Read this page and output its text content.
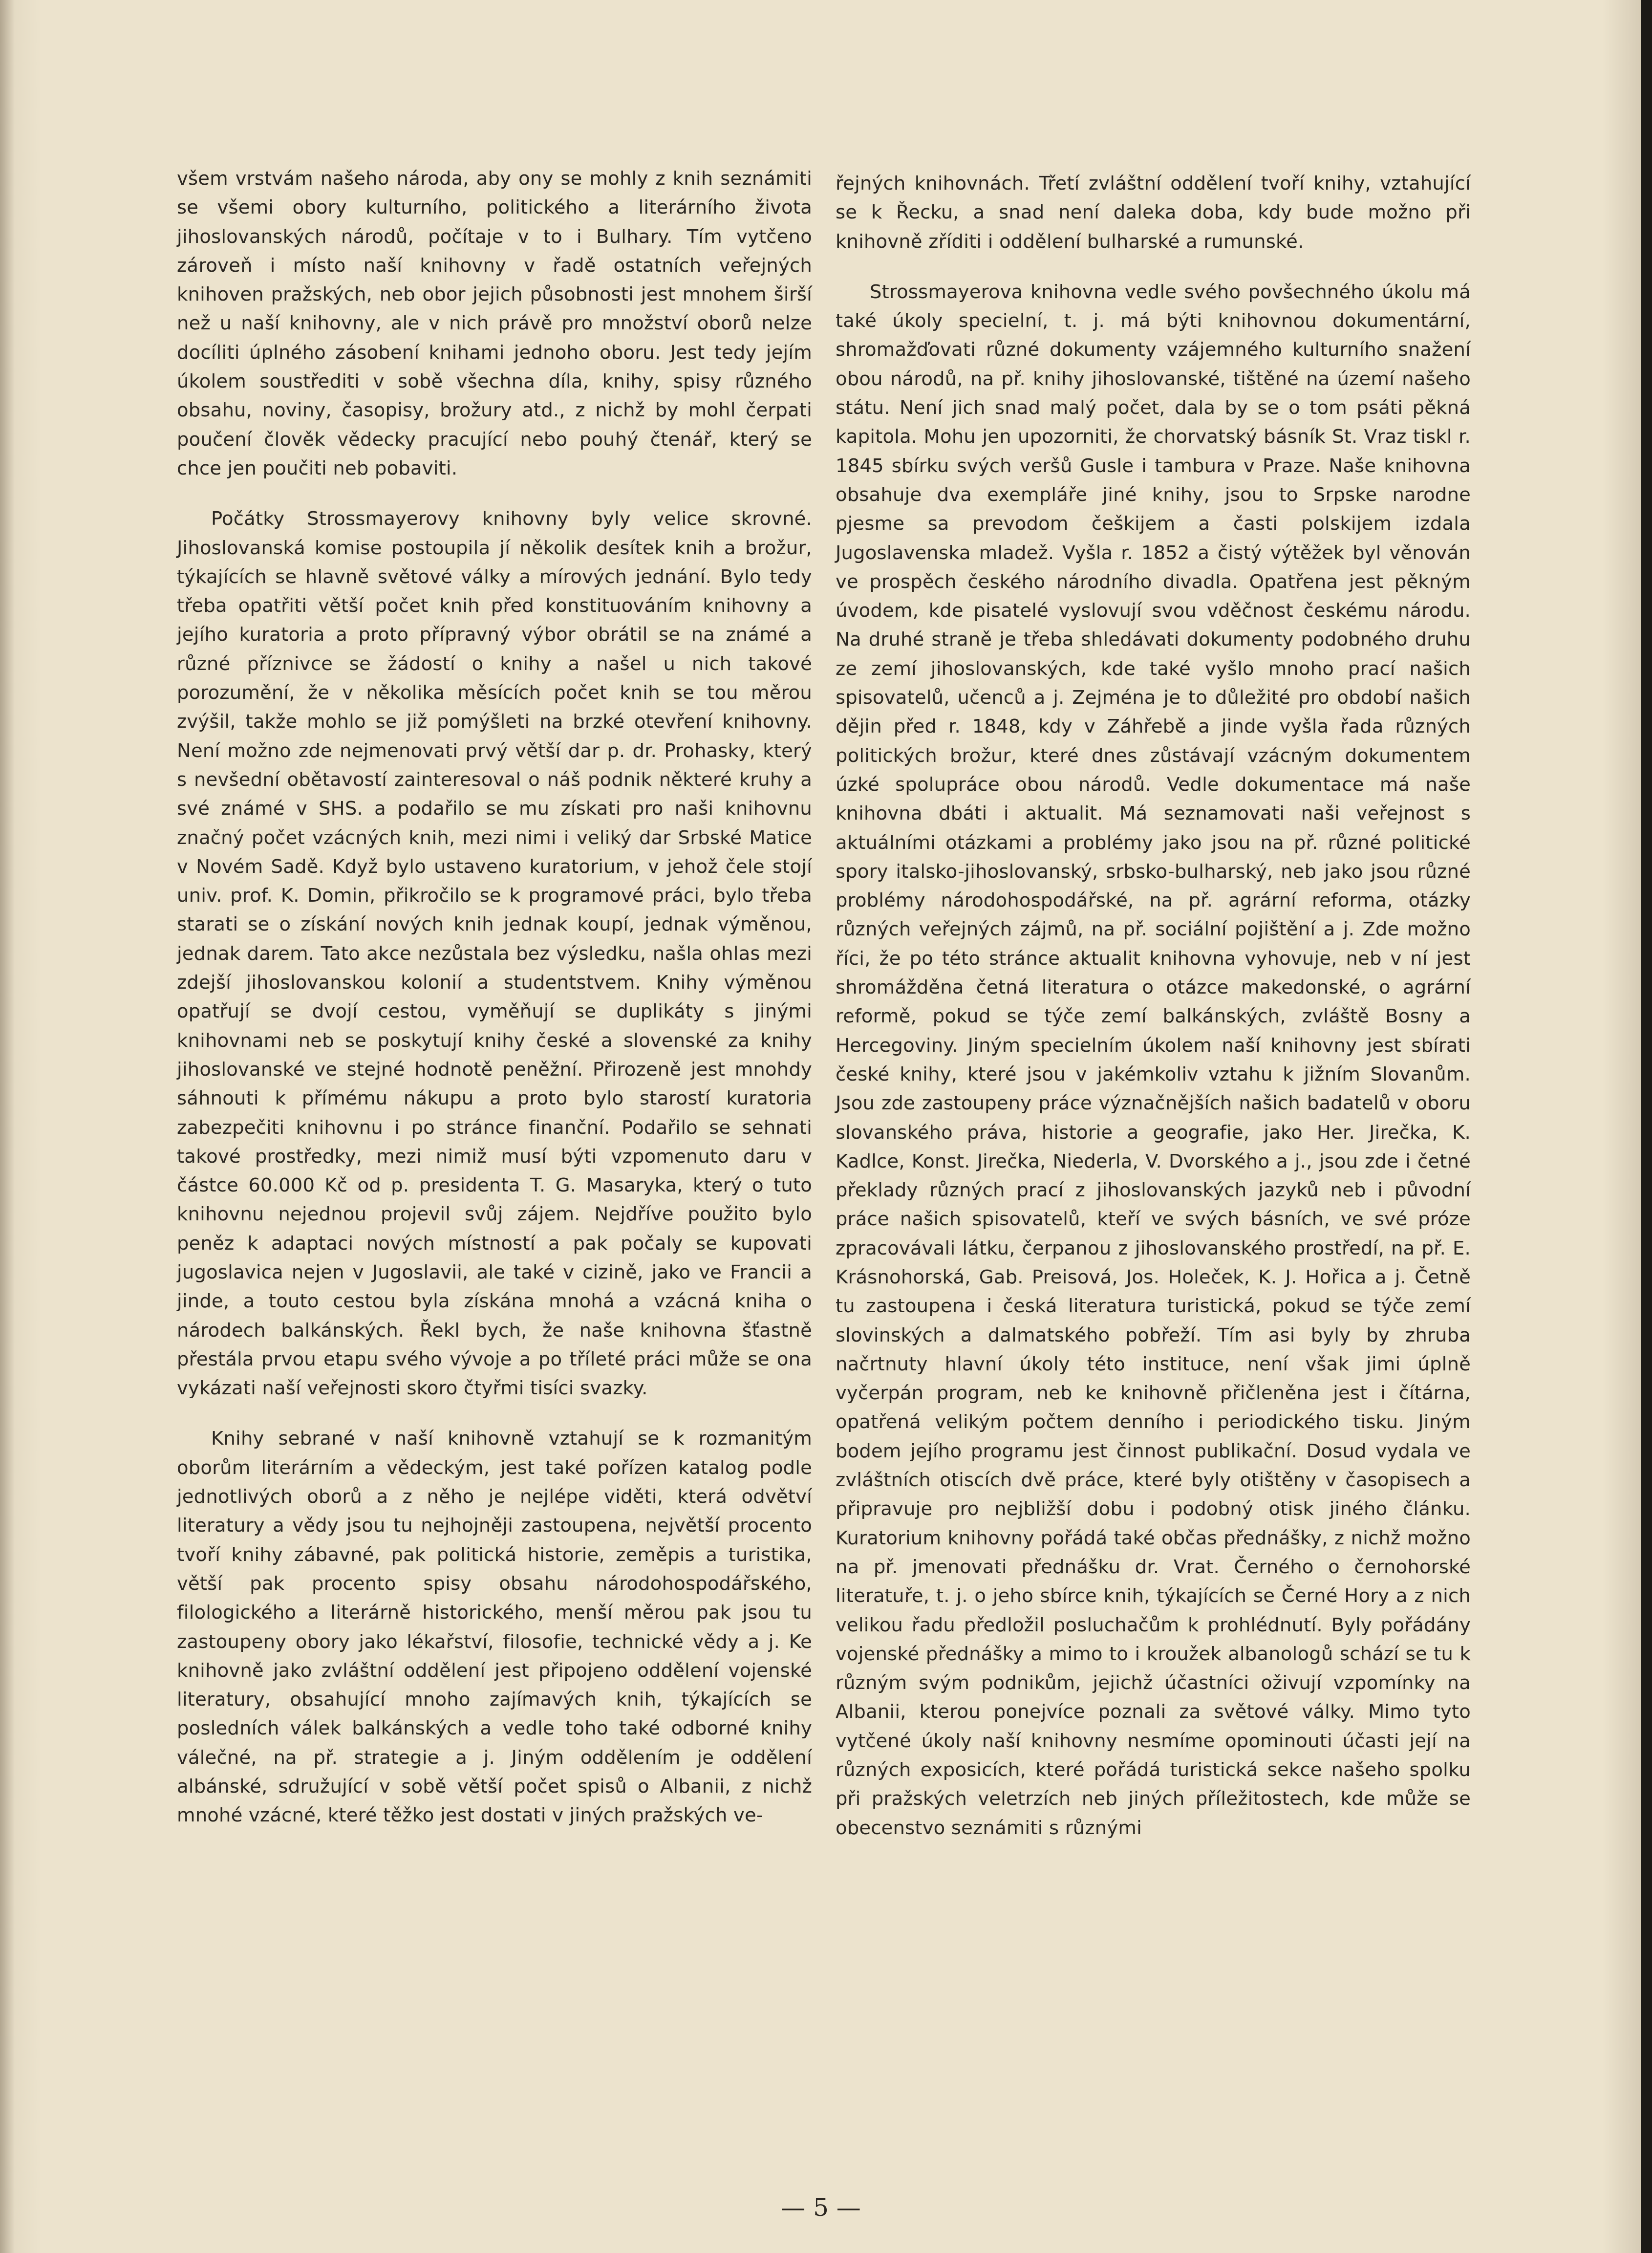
všem vrstvám našeho národa, aby ony se mohly z knih seznámiti se všemi obory kulturního, politického a literárního života jihoslovanských národů, počítaje v to i Bulhary. Tím vytčeno zároveň i místo naší knihovny v řadě ostatních veřejných knihoven pražských, neb obor jejich působnosti jest mnohem širší než u naší knihovny, ale v nich právě pro množství oborů nelze docíliti úplného zásobení knihami jednoho oboru. Jest tedy jejím úkolem soustřediti v sobě všechna díla, knihy, spisy různého obsahu, noviny, časopisy, brožury atd., z nichž by mohl čerpati poučení člověk vědecky pracující nebo pouhý čtenář, který se chce jen poučiti neb pobaviti.

Počátky Strossmayerovy knihovny byly velice skrovné. Jihoslovanská komise postoupila jí několik desítek knih a brožur, týkajících se hlavně světové války a mírových jednání. Bylo tedy třeba opatřiti větší počet knih před konstituováním knihovny a jejího kuratoria a proto přípravný výbor obrátil se na známé a různé příznivce se žádostí o knihy a našel u nich takové porozumění, že v několika měsících počet knih se tou měrou zvýšil, takže mohlo se již pomýšleti na brzké otevření knihovny. Není možno zde nejmenovati prvý větší dar p. dr. Prohasky, který s nevšední obětavostí zainteresoval o náš podnik některé kruhy a své známé v SHS. a podařilo se mu získati pro naši knihovnu značný počet vzácných knih, mezi nimi i veliký dar Srbské Matice v Novém Sadě. Když bylo ustaveno kuratorium, v jehož čele stojí univ. prof. K. Domin, přikročilo se k programové práci, bylo třeba starati se o získání nových knih jednak koupí, jednak výměnou, jednak darem. Tato akce nezůstala bez výsledku, našla ohlas mezi zdejší jihoslovanskou kolonií a studentstvem. Knihy výměnou opatřují se dvojí cestou, vyměňují se duplikáty s jinými knihovnami neb se poskytují knihy české a slovenské za knihy jihoslovanské ve stejné hodnotě peněžní. Přirozeně jest mnohdy sáhnouti k přímému nákupu a proto bylo starostí kuratoria zabezpečiti knihovnu i po stránce finanční. Podařilo se sehnati takové prostředky, mezi nimiž musí býti vzpomenuto daru v částce 60.000 Kč od p. presidenta T. G. Masaryka, který o tuto knihovnu nejednou projevil svůj zájem. Nejdříve použito bylo peněz k adaptaci nových místností a pak počaly se kupovati jugoslavica nejen v Jugoslavii, ale také v cizině, jako ve Francii a jinde, a touto cestou byla získána mnohá a vzácná kniha o národech balkánských. Řekl bych, že naše knihovna šťastně přestála prvou etapu svého vývoje a po tříleté práci může se ona vykázati naší veřejnosti skoro čtyřmi tisíci svazky.

Knihy sebrané v naší knihovně vztahují se k rozmanitým oborům literárním a vědeckým, jest také pořízen katalog podle jednotlivých oborů a z něho je nejlépe viděti, která odvětví literatury a vědy jsou tu nejhojněji zastoupena, největší procento tvoří knihy zábavné, pak politická historie, zeměpis a turistika, větší pak procento spisy obsahu národohospodářského, filologického a literárně historického, menší měrou pak jsou tu zastoupeny obory jako lékařství, filosofie, technické vědy a j. Ke knihovně jako zvláštní oddělení jest připojeno oddělení vojenské literatury, obsahující mnoho zajímavých knih, týkajících se posledních válek balkánských a vedle toho také odborné knihy válečné, na př. strategie a j. Jiným oddělením je oddělení albánské, sdružující v sobě větší počet spisů o Albanii, z nichž mnohé vzácné, které těžko jest dostati v jiných pražských ve-

řejných knihovnách. Třetí zvláštní oddělení tvoří knihy, vztahující se k Řecku, a snad není daleka doba, kdy bude možno při knihovně zříditi i oddělení bulharské a rumunské.

Strossmayerova knihovna vedle svého povšechného úkolu má také úkoly specielní, t. j. má býti knihovnou dokumentární, shromažďovati různé dokumenty vzájemného kulturního snažení obou národů, na př. knihy jihoslovanské, tištěné na území našeho státu. Není jich snad malý počet, dala by se o tom psáti pěkná kapitola. Mohu jen upozorniti, že chorvatský básník St. Vraz tiskl r. 1845 sbírku svých veršů Gusle i tambura v Praze. Naše knihovna obsahuje dva exempláře jiné knihy, jsou to Srpske narodne pjesme sa prevodom češkijem a časti polskijem izdala Jugoslavenska mladež. Vyšla r. 1852 a čistý výtěžek byl věnován ve prospěch českého národního divadla. Opatřena jest pěkným úvodem, kde pisatelé vyslovují svou vděčnost českému národu. Na druhé straně je třeba shledávati dokumenty podobného druhu ze zemí jihoslovanských, kde také vyšlo mnoho prací našich spisovatelů, učenců a j. Zejména je to důležité pro období našich dějin před r. 1848, kdy v Záhřebě a jinde vyšla řada různých politických brožur, které dnes zůstávají vzácným dokumentem úzké spolupráce obou národů. Vedle dokumentace má naše knihovna dbáti i aktualit. Má seznamovati naši veřejnost s aktuálními otázkami a problémy jako jsou na př. různé politické spory italsko-jihoslovanský, srbsko-bulharský, neb jako jsou různé problémy národohospodářské, na př. agrární reforma, otázky různých veřejných zájmů, na př. sociální pojištění a j. Zde možno říci, že po této stránce aktualit knihovna vyhovuje, neb v ní jest shromážděna četná literatura o otázce makedonské, o agrární reformě, pokud se týče zemí balkánských, zvláště Bosny a Hercegoviny. Jiným specielním úkolem naší knihovny jest sbírati české knihy, které jsou v jakémkoliv vztahu k jižním Slovanům. Jsou zde zastoupeny práce význačnějších našich badatelů v oboru slovanského práva, historie a geografie, jako Her. Jirečka, K. Kadlce, Konst. Jirečka, Niederla, V. Dvorského a j., jsou zde i četné překlady různých prací z jihoslovanských jazyků neb i původní práce našich spisovatelů, kteří ve svých básních, ve své próze zpracovávali látku, čerpanou z jihoslovanského prostředí, na př. E. Krásnohorská, Gab. Preisová, Jos. Holeček, K. J. Hořica a j. Četně tu zastoupena i česká literatura turistická, pokud se týče zemí slovinských a dalmatského pobřeží. Tím asi byly by zhruba načrtnuty hlavní úkoly této instituce, není však jimi úplně vyčerpán program, neb ke knihovně přičleněna jest i čítárna, opatřená velikým počtem denního i periodického tisku. Jiným bodem jejího programu jest činnost publikační. Dosud vydala ve zvláštních otiscích dvě práce, které byly otištěny v časopisech a připravuje pro nejbližší dobu i podobný otisk jiného článku. Kuratorium knihovny pořádá také občas přednášky, z nichž možno na př. jmenovati přednášku dr. Vrat. Černého o černohorské literatuře, t. j. o jeho sbírce knih, týkajících se Černé Hory a z nich velikou řadu předložil posluchačům k prohlédnutí. Byly pořádány vojenské přednášky a mimo to i kroužek albanologů schází se tu k různým svým podnikům, jejichž účastníci oživují vzpomínky na Albanii, kterou ponejvíce poznali za světové války. Mimo tyto vytčené úkoly naší knihovny nesmíme opominouti účasti její na různých exposicích, které pořádá turistická sekce našeho spolku při pražských veletrzích neb jiných příležitostech, kde může se obecenstvo seznámiti s různými

— 5 —
